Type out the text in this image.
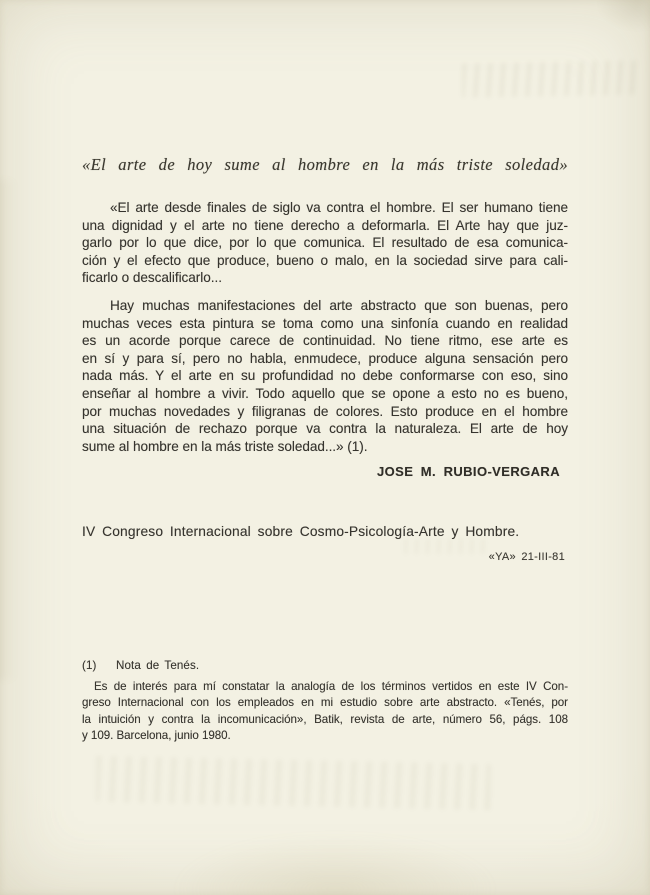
«El arte de hoy sume al hombre en la más triste soledad»
«El arte desde finales de siglo va contra el hombre. El ser humano tiene
una dignidad y el arte no tiene derecho a deformarla. El Arte hay que juz-
garlo por lo que dice, por lo que comunica. El resultado de esa comunica-
ción y el efecto que produce, bueno o malo, en la sociedad sirve para cali-
ficarlo o descalificarlo...
Hay muchas manifestaciones del arte abstracto que son buenas, pero
muchas veces esta pintura se toma como una sinfonía cuando en realidad
es un acorde porque carece de continuidad. No tiene ritmo, ese arte es
en sí y para sí, pero no habla, enmudece, produce alguna sensación pero
nada más. Y el arte en su profundidad no debe conformarse con eso, sino
enseñar al hombre a vivir. Todo aquello que se opone a esto no es bueno,
por muchas novedades y filigranas de colores. Esto produce en el hombre
una situación de rechazo porque va contra la naturaleza. El arte de hoy
sume al hombre en la más triste soledad...» (1).
JOSE M. RUBIO-VERGARA
IV Congreso Internacional sobre Cosmo-Psicología-Arte y Hombre.
«YA» 21-III-81
(1) Nota de Tenés.
Es de interés para mí constatar la analogía de los términos vertidos en este IV Con-
greso Internacional con los empleados en mi estudio sobre arte abstracto. «Tenés, por
la intuición y contra la incomunicación», Batik, revista de arte, número 56, págs. 108
y 109. Barcelona, junio 1980.
